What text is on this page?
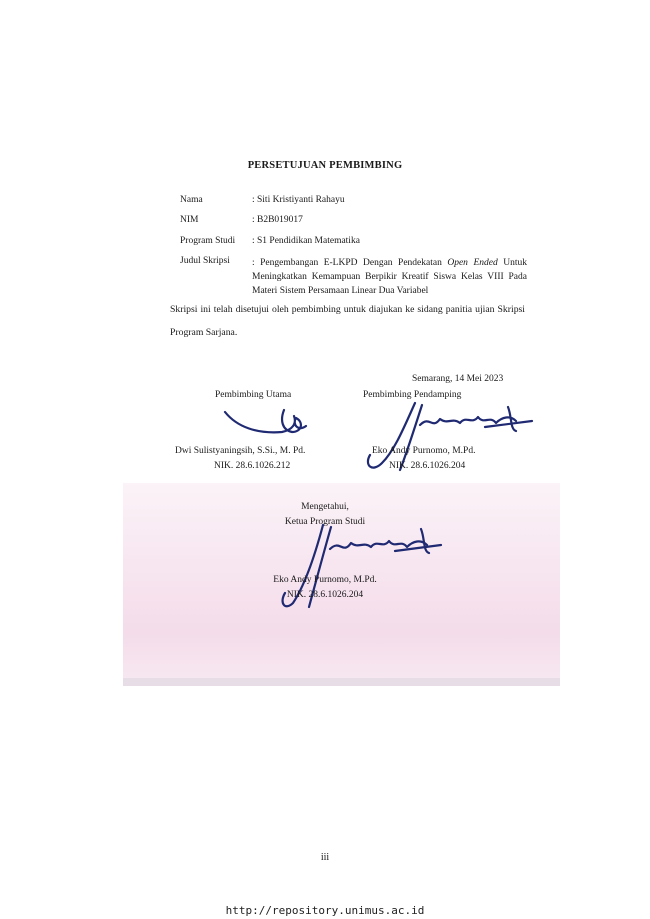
PERSETUJUAN PEMBIMBING
Nama	: Siti Kristiyanti Rahayu
NIM	: B2B019017
Program Studi	: S1 Pendidikan Matematika
Judul Skripsi	: Pengembangan E-LKPD Dengan Pendekatan Open Ended Untuk Meningkatkan Kemampuan Berpikir Kreatif Siswa Kelas VIII Pada Materi Sistem Persamaan Linear Dua Variabel
Skripsi ini telah disetujui oleh pembimbing untuk diajukan ke sidang panitia ujian Skripsi Program Sarjana.
Semarang, 14 Mei 2023
Pembimbing Utama
Dwi Sulistyaningsih, S.Si., M. Pd.
NIK. 28.6.1026.212
Pembimbing Pendamping
Eko Andy Purnomo, M.Pd.
NIK. 28.6.1026.204
Mengetahui,
Ketua Program Studi
Eko Andy Purnomo, M.Pd.
NIK. 28.6.1026.204
iii
http://repository.unimus.ac.id
